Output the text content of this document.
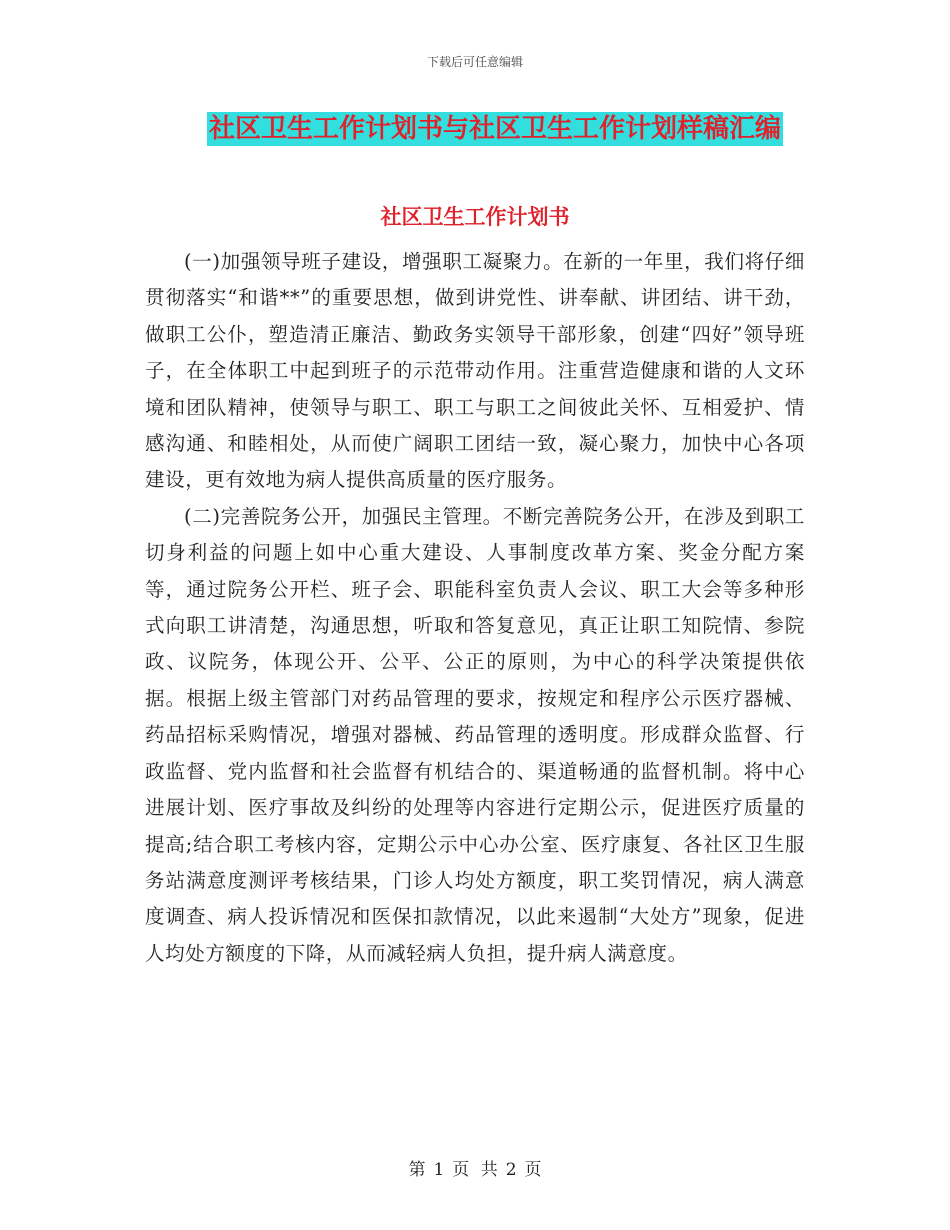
下载后可任意编辑
社区卫生工作计划书与社区卫生工作计划样稿汇编
社区卫生工作计划书

(一)加强领导班子建设，增强职工凝聚力。在新的一年里，我们将仔细贯彻落实“和谐**”的重要思想，做到讲党性、讲奉献、讲团结、讲干劲，做职工公仆，塑造清正廉洁、勤政务实领导干部形象，创建“四好”领导班子，在全体职工中起到班子的示范带动作用。注重营造健康和谐的人文环境和团队精神，使领导与职工、职工与职工之间彼此关怀、互相爱护、情感沟通、和睦相处，从而使广阔职工团结一致，凝心聚力，加快中心各项建设，更有效地为病人提供高质量的医疗服务。

(二)完善院务公开，加强民主管理。不断完善院务公开，在涉及到职工切身利益的问题上如中心重大建设、人事制度改革方案、奖金分配方案等，通过院务公开栏、班子会、职能科室负责人会议、职工大会等多种形式向职工讲清楚，沟通思想，听取和答复意见，真正让职工知院情、参院政、议院务，体现公开、公平、公正的原则，为中心的科学决策提供依据。根据上级主管部门对药品管理的要求，按规定和程序公示医疗器械、药品招标采购情况，增强对器械、药品管理的透明度。形成群众监督、行政监督、党内监督和社会监督有机结合的、渠道畅通的监督机制。将中心进展计划、医疗事故及纠纷的处理等内容进行定期公示，促进医疗质量的提高;结合职工考核内容，定期公示中心办公室、医疗康复、各社区卫生服务站满意度测评考核结果，门诊人均处方额度，职工奖罚情况，病人满意度调查、病人投诉情况和医保扣款情况，以此来遏制“大处方”现象，促进人均处方额度的下降，从而减轻病人负担，提升病人满意度。

第 1 页 共 2 页
